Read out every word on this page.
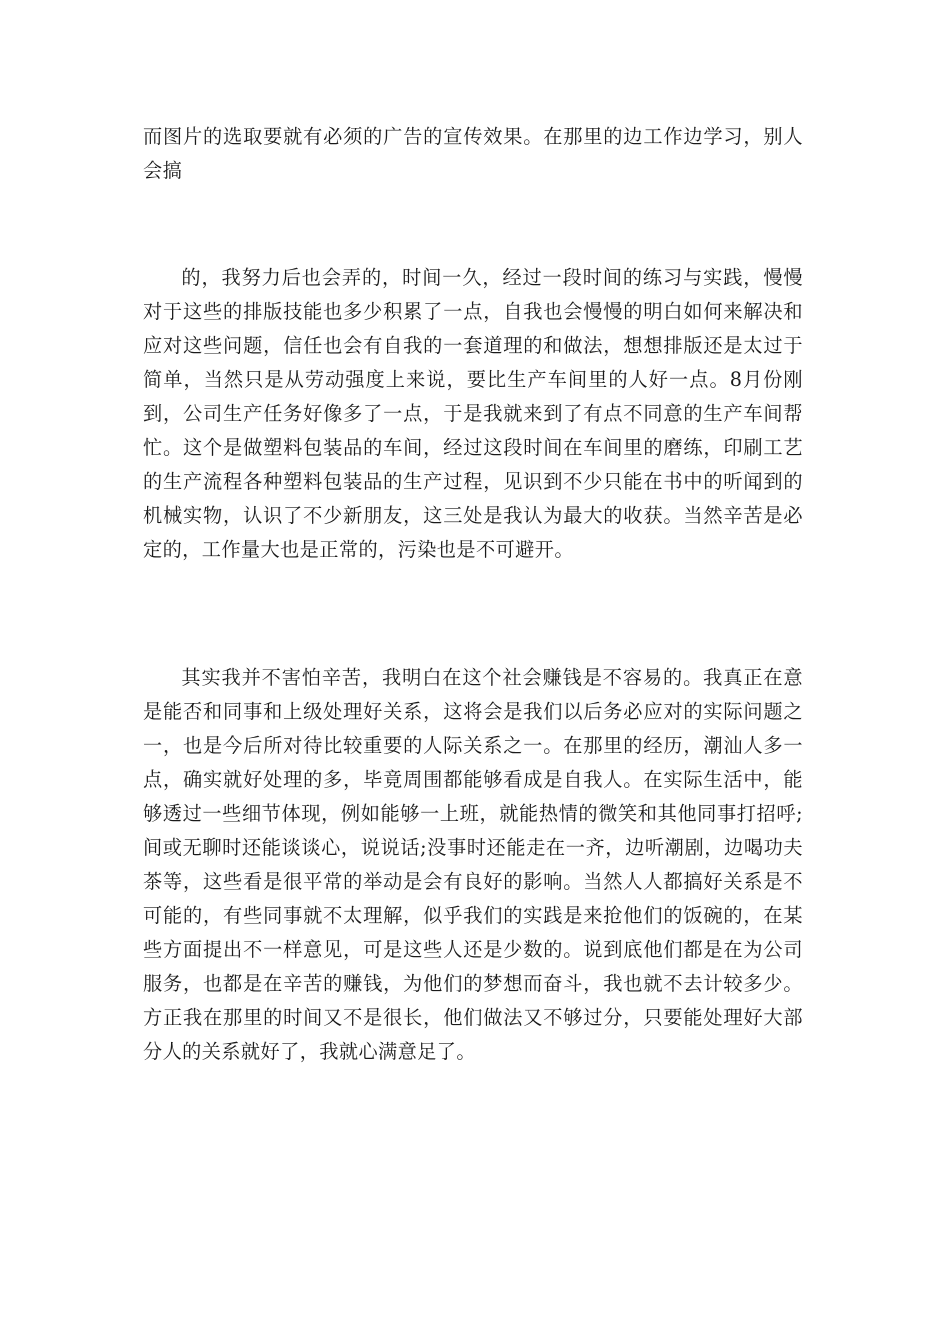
而图片的选取要就有必须的广告的宣传效果。在那里的边工作边学习，别人会搞

的，我努力后也会弄的，时间一久，经过一段时间的练习与实践，慢慢对于这些的排版技能也多少积累了一点，自我也会慢慢的明白如何来解决和应对这些问题，信任也会有自我的一套道理的和做法，想想排版还是太过于简单，当然只是从劳动强度上来说，要比生产车间里的人好一点。8月份刚到，公司生产任务好像多了一点，于是我就来到了有点不同意的生产车间帮忙。这个是做塑料包装品的车间，经过这段时间在车间里的磨练，印刷工艺的生产流程各种塑料包装品的生产过程，见识到不少只能在书中的听闻到的机械实物，认识了不少新朋友，这三处是我认为最大的收获。当然辛苦是必定的，工作量大也是正常的，污染也是不可避开。

其实我并不害怕辛苦，我明白在这个社会赚钱是不容易的。我真正在意是能否和同事和上级处理好关系，这将会是我们以后务必应对的实际问题之一，也是今后所对待比较重要的人际关系之一。在那里的经历，潮汕人多一点，确实就好处理的多，毕竟周围都能够看成是自我人。在实际生活中，能够透过一些细节体现，例如能够一上班，就能热情的微笑和其他同事打招呼;间或无聊时还能谈谈心，说说话;没事时还能走在一齐，边听潮剧，边喝功夫茶等，这些看是很平常的举动是会有良好的影响。当然人人都搞好关系是不可能的，有些同事就不太理解，似乎我们的实践是来抢他们的饭碗的，在某些方面提出不一样意见，可是这些人还是少数的。说到底他们都是在为公司服务，也都是在辛苦的赚钱，为他们的梦想而奋斗，我也就不去计较多少。方正我在那里的时间又不是很长，他们做法又不够过分，只要能处理好大部分人的关系就好了，我就心满意足了。
